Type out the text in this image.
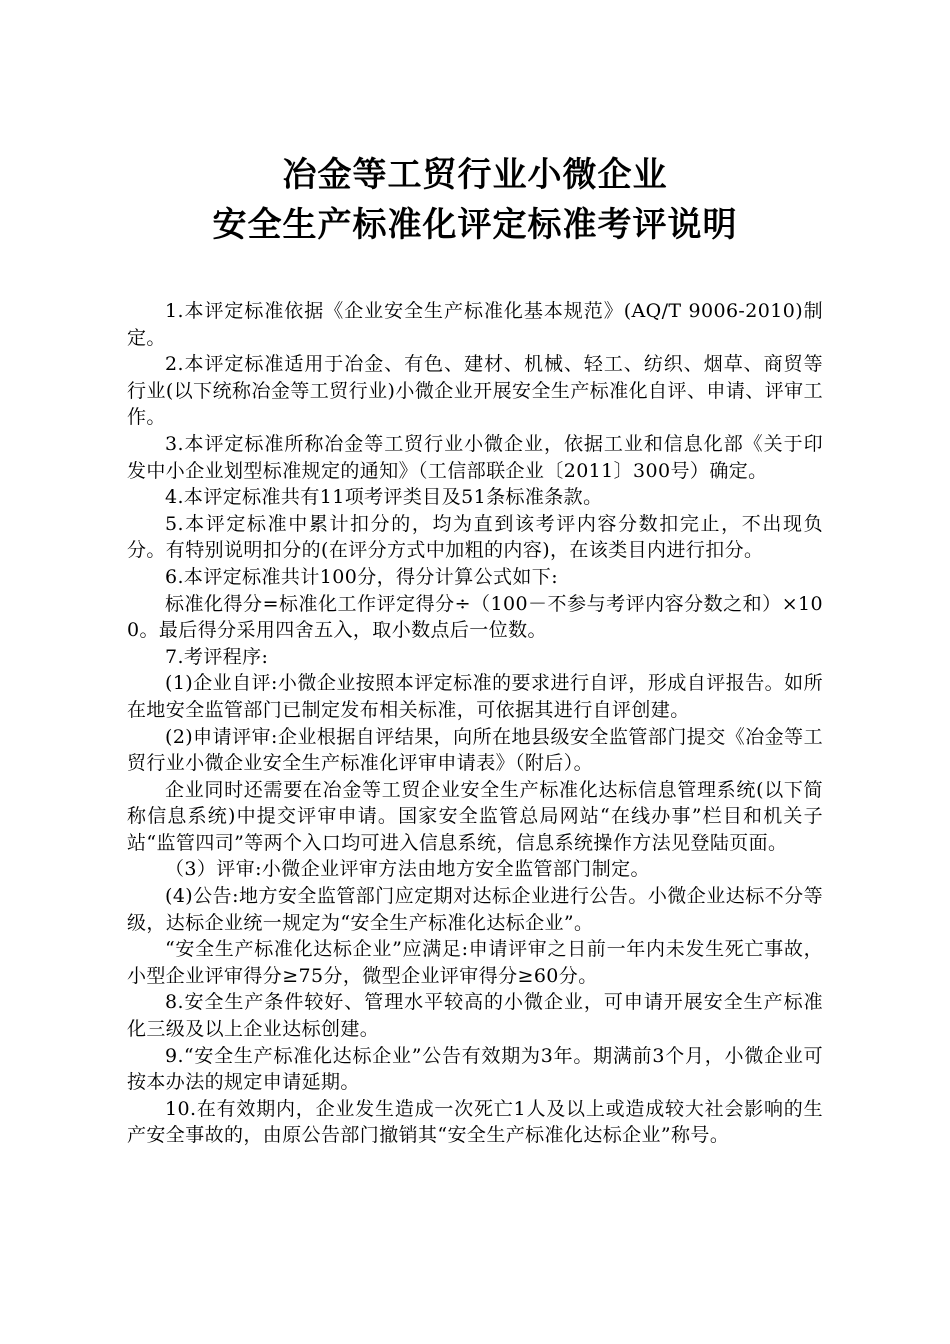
冶金等工贸行业小微企业
安全生产标准化评定标准考评说明

1.本评定标准依据《企业安全生产标准化基本规范》(AQ/T 9006-2010)制定。

2.本评定标准适用于冶金、有色、建材、机械、轻工、纺织、烟草、商贸等行业(以下统称冶金等工贸行业)小微企业开展安全生产标准化自评、申请、评审工作。

3.本评定标准所称冶金等工贸行业小微企业，依据工业和信息化部《关于印发中小企业划型标准规定的通知》（工信部联企业〔2011〕300号）确定。

4.本评定标准共有11项考评类目及51条标准条款。

5.本评定标准中累计扣分的，均为直到该考评内容分数扣完止，不出现负分。有特别说明扣分的(在评分方式中加粗的内容)，在该类目内进行扣分。

6.本评定标准共计100分，得分计算公式如下:

标准化得分=标准化工作评定得分÷（100－不参与考评内容分数之和）×100。最后得分采用四舍五入，取小数点后一位数。

7.考评程序:

(1)企业自评:小微企业按照本评定标准的要求进行自评，形成自评报告。如所在地安全监管部门已制定发布相关标准，可依据其进行自评创建。

(2)申请评审:企业根据自评结果，向所在地县级安全监管部门提交《冶金等工贸行业小微企业安全生产标准化评审申请表》（附后）。

企业同时还需要在冶金等工贸企业安全生产标准化达标信息管理系统(以下简称信息系统)中提交评审申请。国家安全监管总局网站“在线办事”栏目和机关子站“监管四司”等两个入口均可进入信息系统，信息系统操作方法见登陆页面。

（3）评审:小微企业评审方法由地方安全监管部门制定。

(4)公告:地方安全监管部门应定期对达标企业进行公告。小微企业达标不分等级，达标企业统一规定为“安全生产标准化达标企业”。

“安全生产标准化达标企业”应满足:申请评审之日前一年内未发生死亡事故，小型企业评审得分≥75分，微型企业评审得分≥60分。

8.安全生产条件较好、管理水平较高的小微企业，可申请开展安全生产标准化三级及以上企业达标创建。

9.“安全生产标准化达标企业”公告有效期为3年。期满前3个月，小微企业可按本办法的规定申请延期。

10.在有效期内，企业发生造成一次死亡1人及以上或造成较大社会影响的生产安全事故的，由原公告部门撤销其“安全生产标准化达标企业”称号。
